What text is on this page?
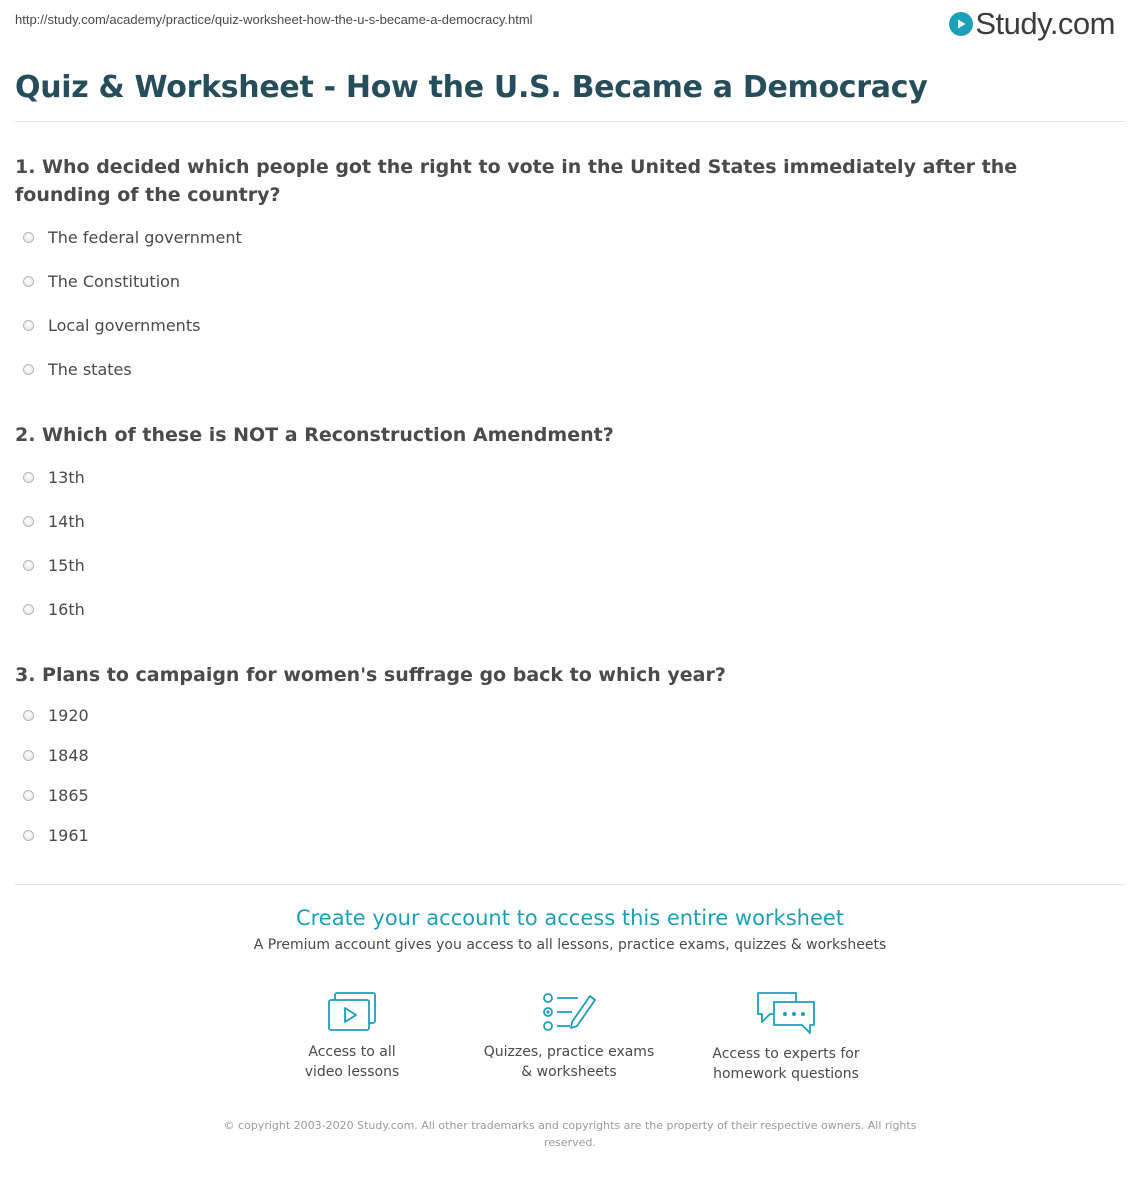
http://study.com/academy/practice/quiz-worksheet-how-the-u-s-became-a-democracy.html	Study.com
Quiz & Worksheet - How the U.S. Became a Democracy
1. Who decided which people got the right to vote in the United States immediately after the founding of the country?
The federal government
The Constitution
Local governments
The states
2. Which of these is NOT a Reconstruction Amendment?
13th
14th
15th
16th
3. Plans to campaign for women's suffrage go back to which year?
1920
1848
1865
1961
Create your account to access this entire worksheet
A Premium account gives you access to all lessons, practice exams, quizzes & worksheets
Access to all
video lessons
Quizzes, practice exams
& worksheets
Access to experts for
homework questions
© copyright 2003-2020 Study.com. All other trademarks and copyrights are the property of their respective owners. All rights reserved.
